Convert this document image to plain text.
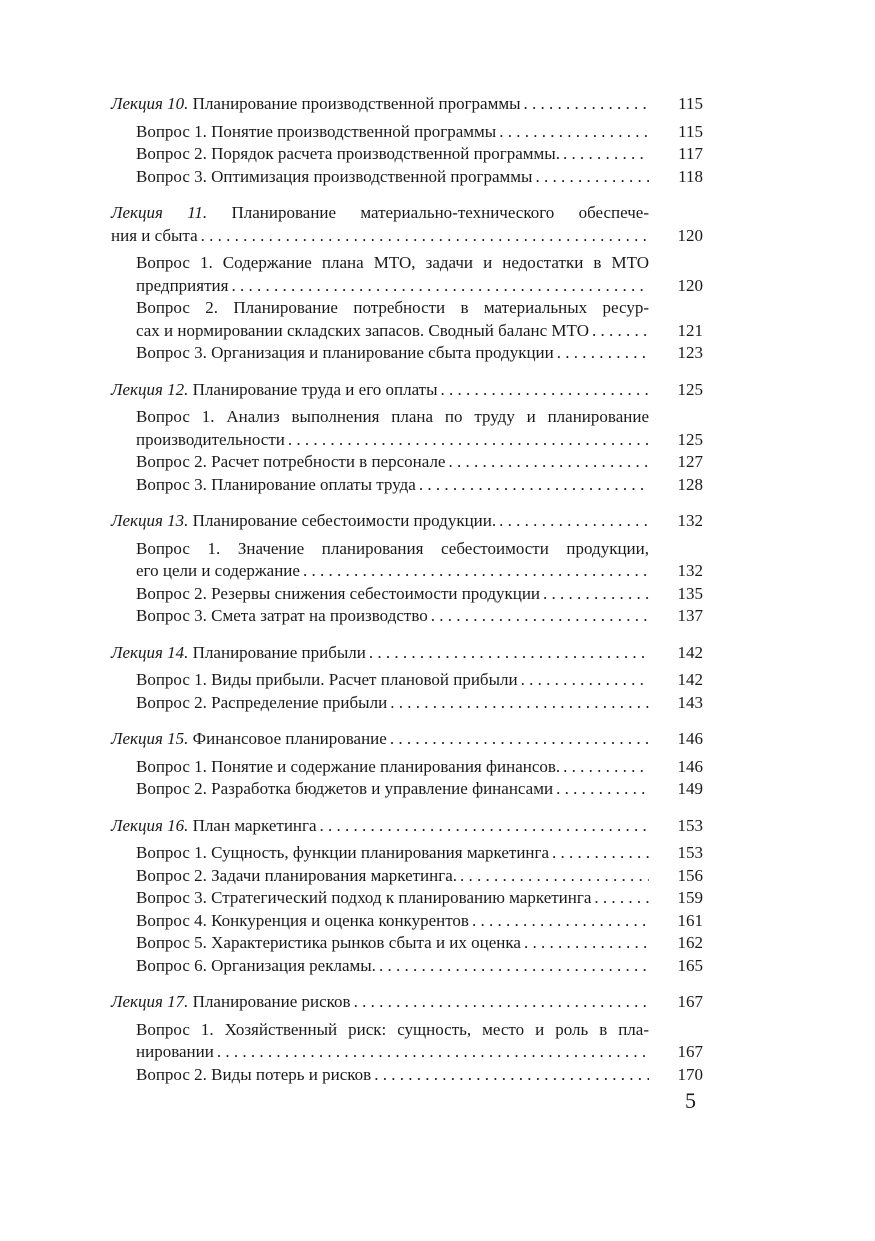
Лекция 10. Планирование производственной программы . . .	115
Вопрос 1. Понятие производственной программы . . .	115
Вопрос 2. Порядок расчета производственной программы. . . .	117
Вопрос 3. Оптимизация производственной программы . . .	118
Лекция 11. Планирование материально-технического обеспече-
ния и сбыта . . .	120
Вопрос 1. Содержание плана МТО, задачи и недостатки в МТО
предприятия . . .	120
Вопрос 2. Планирование потребности в материальных ресур-
сах и нормировании складских запасов. Сводный баланс МТО . . .	121
Вопрос 3. Организация и планирование сбыта продукции . . .	123
Лекция 12. Планирование труда и его оплаты . . .	125
Вопрос 1. Анализ выполнения плана по труду и планирование
производительности . . .	125
Вопрос 2. Расчет потребности в персонале . . .	127
Вопрос 3. Планирование оплаты труда . . .	128
Лекция 13. Планирование себестоимости продукции. . . .	132
Вопрос 1. Значение планирования себестоимости продукции,
его цели и содержание . . .	132
Вопрос 2. Резервы снижения себестоимости продукции . . .	135
Вопрос 3. Смета затрат на производство . . .	137
Лекция 14. Планирование прибыли . . .	142
Вопрос 1. Виды прибыли. Расчет плановой прибыли . . .	142
Вопрос 2. Распределение прибыли . . .	143
Лекция 15. Финансовое планирование . . .	146
Вопрос 1. Понятие и содержание планирования финансов. . . .	146
Вопрос 2. Разработка бюджетов и управление финансами . . .	149
Лекция 16. План маркетинга . . .	153
Вопрос 1. Сущность, функции планирования маркетинга . . .	153
Вопрос 2. Задачи планирования маркетинга. . . .	156
Вопрос 3. Стратегический подход к планированию маркетинга . . .	159
Вопрос 4. Конкуренция и оценка конкурентов . . .	161
Вопрос 5. Характеристика рынков сбыта и их оценка . . .	162
Вопрос 6. Организация рекламы. . . .	165
Лекция 17. Планирование рисков . . .	167
Вопрос 1. Хозяйственный риск: сущность, место и роль в пла-
нировании . . .	167
Вопрос 2. Виды потерь и рисков . . .	170
5
